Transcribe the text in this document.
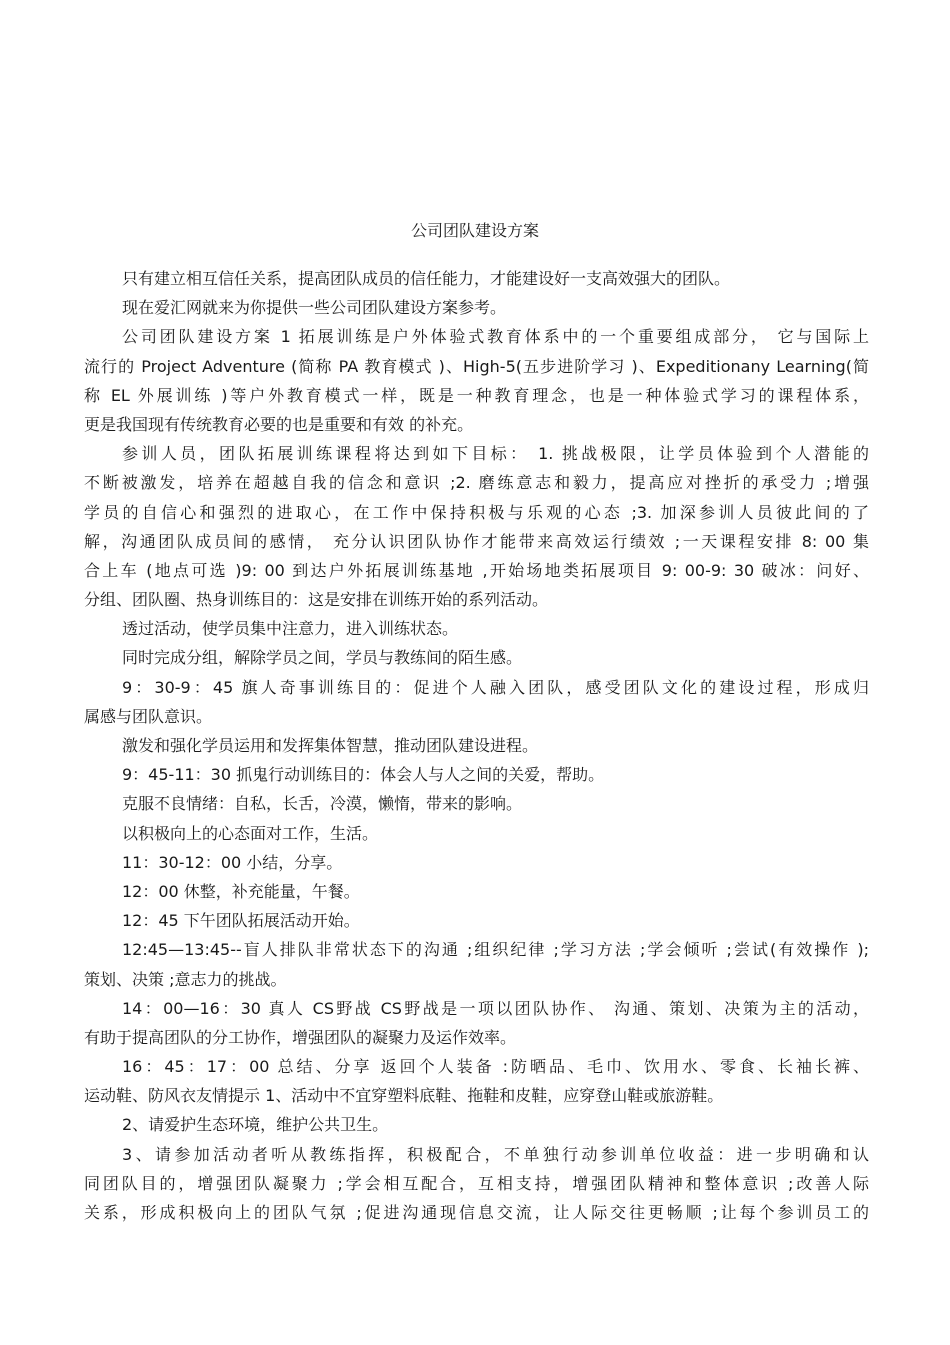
公司团队建设方案
只有建立相互信任关系，提高团队成员的信任能力，才能建设好一支高效强大的团队。
现在爱汇网就来为你提供一些公司团队建设方案参考。
公司团队建设方案 1 拓展训练是户外体验式教育体系中的一个重要组成部分， 它与国际上
流行的 Project Adventure (简称 PA 教育模式 )、High-5(五步进阶学习 )、Expeditionany Learning(简
称 EL 外展训练 )等户外教育模式一样，既是一种教育理念，也是一种体验式学习的课程体系，
更是我国现有传统教育必要的也是重要和有效 的补充。
参训人员，团队拓展训练课程将达到如下目标： 1. 挑战极限，让学员体验到个人潜能的
不断被激发，培养在超越自我的信念和意识 ;2. 磨练意志和毅力，提高应对挫折的承受力 ;增强
学员的自信心和强烈的进取心，在工作中保持积极与乐观的心态 ;3. 加深参训人员彼此间的了
解，沟通团队成员间的感情， 充分认识团队协作才能带来高效运行绩效 ;一天课程安排 8: 00 集
合上车 (地点可选 )9: 00 到达户外拓展训练基地 ,开始场地类拓展项目 9: 00-9: 30 破冰：问好、
分组、团队圈、热身训练目的：这是安排在训练开始的系列活动。
透过活动，使学员集中注意力，进入训练状态。
同时完成分组，解除学员之间，学员与教练间的陌生感。
9：30-9：45 旗人奇事训练目的：促进个人融入团队，感受团队文化的建设过程，形成归
属感与团队意识。
激发和强化学员运用和发挥集体智慧，推动团队建设进程。
9：45-11：30 抓鬼行动训练目的：体会人与人之间的关爱，帮助。
克服不良情绪：自私，长舌，冷漠，懒惰，带来的影响。
以积极向上的心态面对工作，生活。
11：30-12：00 小结，分享。
12：00 休整，补充能量，午餐。
12：45 下午团队拓展活动开始。
12:45—13:45--盲人排队非常状态下的沟通 ;组织纪律 ;学习方法 ;学会倾听 ;尝试(有效操作 );
策划、决策 ;意志力的挑战。
14：00—16：30 真人 CS野战 CS野战是一项以团队协作、 沟通、策划、决策为主的活动，
有助于提高团队的分工协作，增强团队的凝聚力及运作效率。
16：45：17：00 总结、分享 返回个人装备 :防晒品、毛巾、饮用水、零食、长袖长裤、
运动鞋、防风衣友情提示 1、活动中不宜穿塑料底鞋、拖鞋和皮鞋，应穿登山鞋或旅游鞋。
2、请爱护生态环境，维护公共卫生。
3、请参加活动者听从教练指挥，积极配合，不单独行动参训单位收益：进一步明确和认
同团队目的，增强团队凝聚力 ;学会相互配合，互相支持，增强团队精神和整体意识 ;改善人际
关系，形成积极向上的团队气氛 ;促进沟通现信息交流，让人际交往更畅顺 ;让每个参训员工的
